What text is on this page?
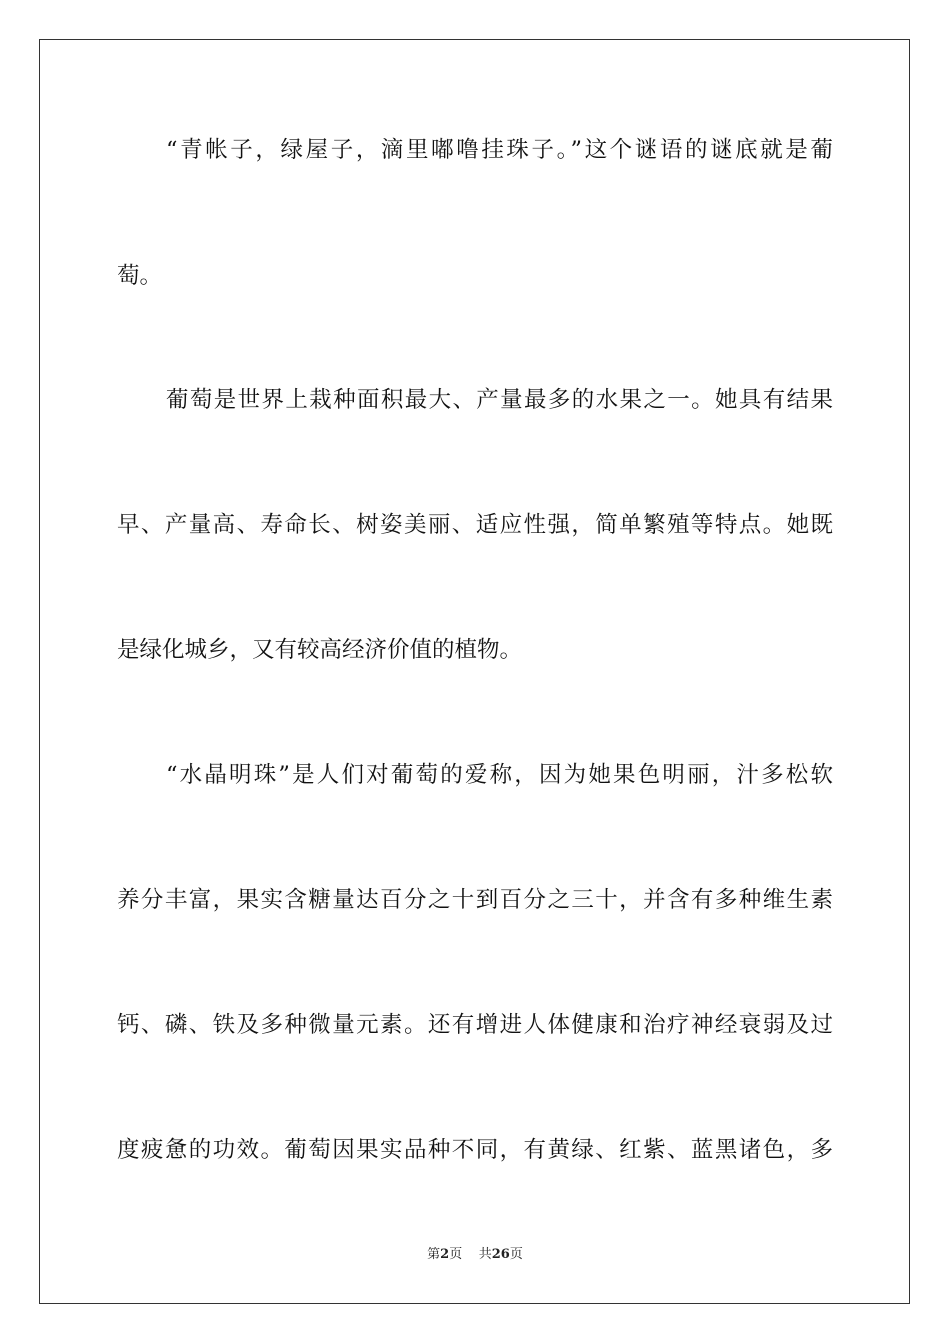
“青帐子，绿屋子，滴里嘟噜挂珠子。”这个谜语的谜底就是葡
萄。
葡萄是世界上栽种面积最大、产量最多的水果之一。她具有结果
早、产量高、寿命长、树姿美丽、适应性强，简单繁殖等特点。她既
是绿化城乡，又有较高经济价值的植物。
“水晶明珠”是人们对葡萄的爱称，因为她果色明丽，汁多松软
养分丰富，果实含糖量达百分之十到百分之三十，并含有多种维生素
钙、磷、铁及多种微量元素。还有增进人体健康和治疗神经衰弱及过
度疲惫的功效。葡萄因果实品种不同，有黄绿、红紫、蓝黑诸色，多
第2页 共26页
